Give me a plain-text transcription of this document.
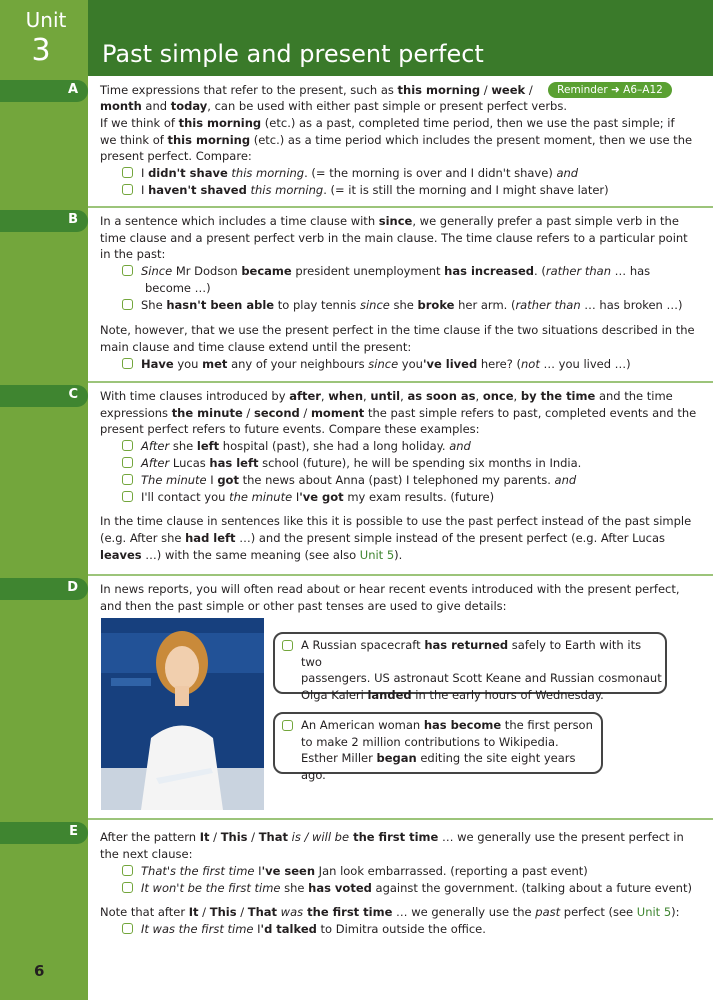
Unit
3	Past simple and present perfect
A
B
C
D
E
Reminder ➜ A6–A12

Time expressions that refer to the present, such as this morning / week /

month and today, can be used with either past simple or present perfect verbs.

If we think of this morning (etc.) as a past, completed time period, then we use the past simple; if

we think of this morning (etc.) as a time period which includes the present moment, then we use the

present perfect. Compare:

I didn't shave this morning. (= the morning is over and I didn't shave) and

I haven't shaved this morning. (= it is still the morning and I might shave later)

In a sentence which includes a time clause with since, we generally prefer a past simple verb in the

time clause and a present perfect verb in the main clause. The time clause refers to a particular point

in the past:

Since Mr Dodson became president unemployment has increased. (rather than … has

become …)

She hasn't been able to play tennis since she broke her arm. (rather than … has broken …)

Note, however, that we use the present perfect in the time clause if the two situations described in the

main clause and time clause extend until the present:

Have you met any of your neighbours since you've lived here? (not … you lived …)

With time clauses introduced by after, when, until, as soon as, once, by the time and the time

expressions the minute / second / moment the past simple refers to past, completed events and the

present perfect refers to future events. Compare these examples:

After she left hospital (past), she had a long holiday. and

After Lucas has left school (future), he will be spending six months in India.

The minute I got the news about Anna (past) I telephoned my parents. and

I'll contact you the minute I've got my exam results. (future)

In the time clause in sentences like this it is possible to use the past perfect instead of the past simple

(e.g. After she had left …) and the present simple instead of the present perfect (e.g. After Lucas

leaves …) with the same meaning (see also Unit 5).

In news reports, you will often read about or hear recent events introduced with the present perfect,

and then the past simple or other past tenses are used to give details:

A Russian spacecraft has returned safely to Earth with its two
passengers. US astronaut Scott Keane and Russian cosmonaut
Olga Kaleri landed in the early hours of Wednesday.

An American woman has become the first person
to make 2 million contributions to Wikipedia.
Esther Miller began editing the site eight years ago.

After the pattern It / This / That is / will be the first time … we generally use the present perfect in

the next clause:

That's the first time I've seen Jan look embarrassed. (reporting a past event)

It won't be the first time she has voted against the government. (talking about a future event)

Note that after It / This / That was the first time … we generally use the past perfect (see Unit 5):

It was the first time I'd talked to Dimitra outside the office.

6
